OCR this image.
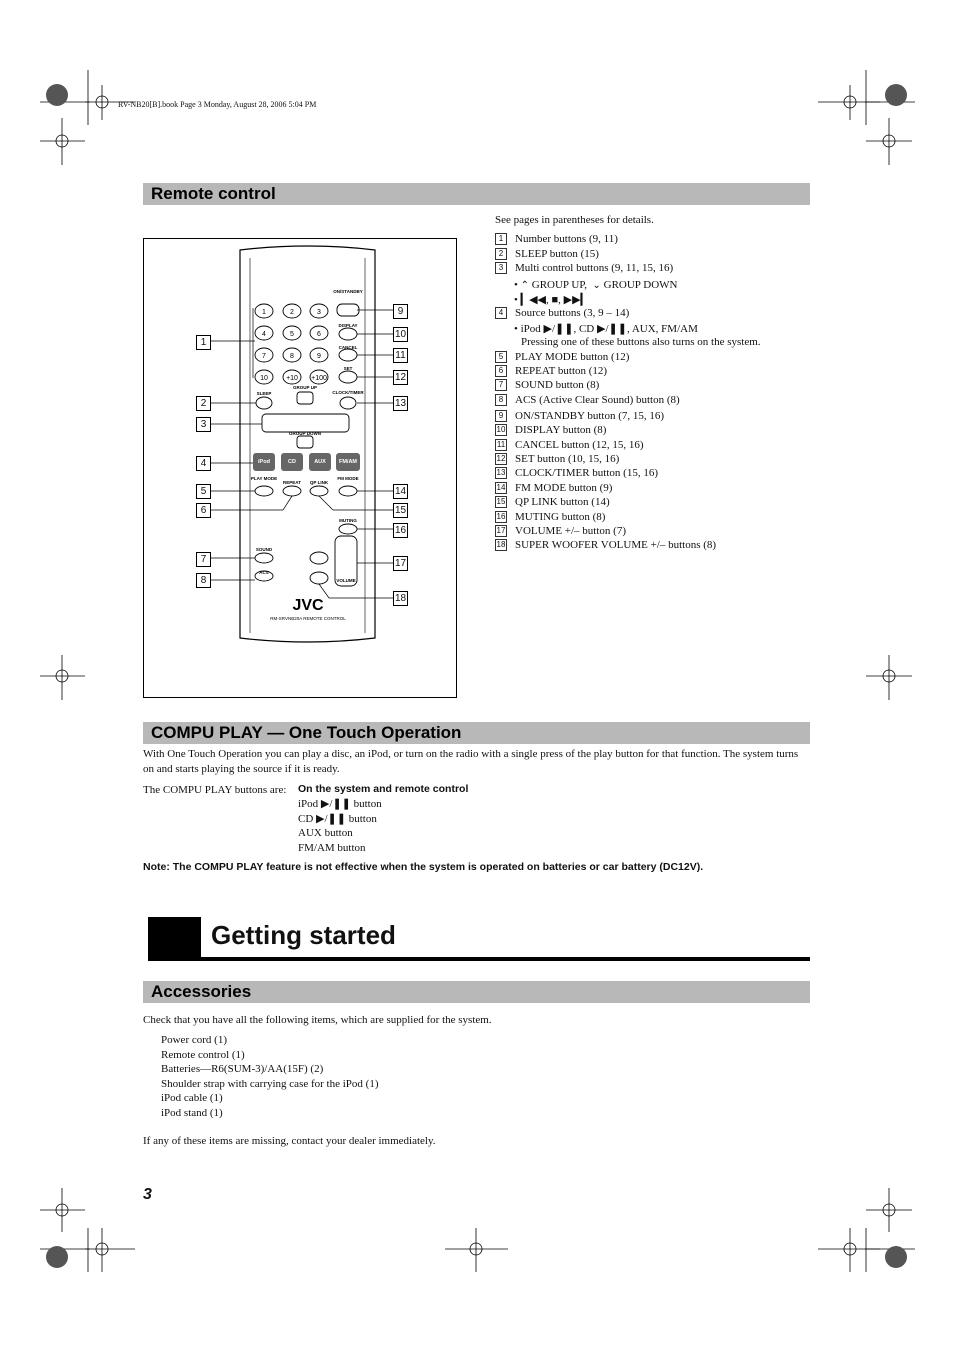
RV-NB20[B].book Page 3 Monday, August 28, 2006 5:04 PM
Remote control
1	2	3
4	5	6
7	8	9
10	+10 +100
ON/STANDBY
DISPLAY
CANCEL
SET
SLEEP
GROUP UP
GROUP DOWN
CLOCK/TIMER
PLAY MODE
REPEAT QP LINK
FM MODE
MUTING
SOUND
ACS
VOLUME
iPod	CD	AUX FM/AM
JVC
RM-SRVNB20A REMOTE CONTROL
1
2
3
4
5
6
7
8
9
10
11
12
13
14
15
16
17
18
See pages in parentheses for details.
1 Number buttons (9, 11)
2 SLEEP button (15)
3 Multi control buttons (9, 11, 15, 16)
4 Source buttons (3, 9 – 14)
5 PLAY MODE button (12)
6 REPEAT button (12)
7 SOUND button (8)
8 ACS (Active Clear Sound) button (8)
9 ON/STANDBY button (7, 15, 16)
10 DISPLAY button (8)
11 CANCEL button (12, 15, 16)
12 SET button (10, 15, 16)
13 CLOCK/TIMER button (15, 16)
14 FM MODE button (9)
15 QP LINK button (14)
16 MUTING button (8)
17 VOLUME +/– button (7)
18 SUPER WOOFER VOLUME +/– buttons (8)
• ⌃ GROUP UP, ⌄ GROUP DOWN
• ▎◀◀, ■, ▶▶▎
• iPod ▶/❚❚, CD ▶/❚❚, AUX, FM/AM
Pressing one of these buttons also turns on the system.
COMPU PLAY — One Touch Operation
With One Touch Operation you can play a disc, an iPod, or turn on the radio with a single press of the play button for that function. The system turns on and starts playing the source if it is ready.
The COMPU PLAY buttons are: On the system and remote control
iPod ▶/❚❚ button
CD ▶/❚❚ button
AUX button
FM/AM button
Note: The COMPU PLAY feature is not effective when the system is operated on batteries or car battery (DC12V).
Getting started
Accessories
Check that you have all the following items, which are supplied for the system.
Power cord (1)
Remote control (1)
Batteries—R6(SUM-3)/AA(15F) (2)
Shoulder strap with carrying case for the iPod (1)
iPod cable (1)
iPod stand (1)
If any of these items are missing, contact your dealer immediately.
3
